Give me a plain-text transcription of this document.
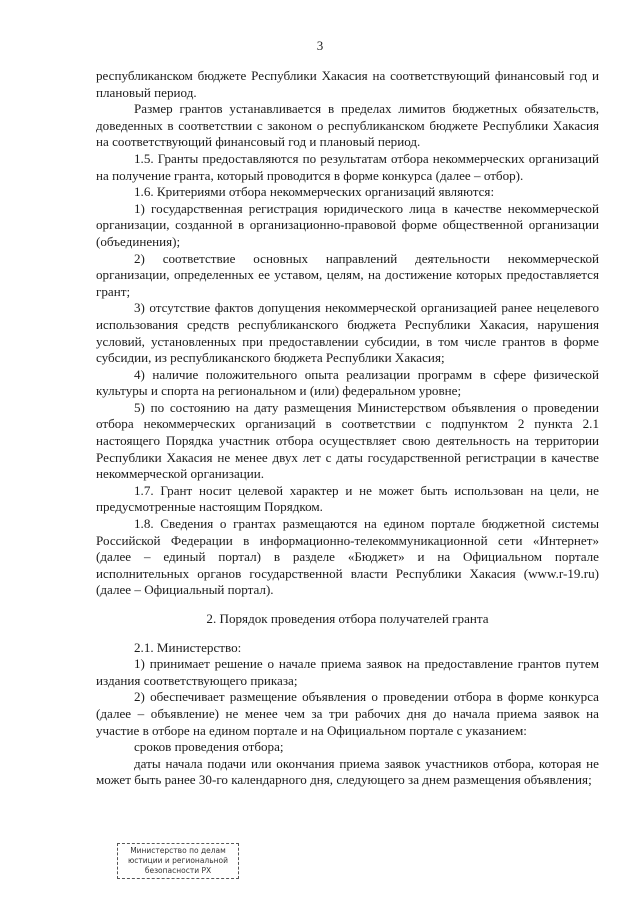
3

республиканском бюджете Республики Хакасия на соответствующий финансовый год и плановый период.

Размер грантов устанавливается в пределах лимитов бюджетных обязательств, доведенных в соответствии с законом о республиканском бюджете Республики Хакасия на соответствующий финансовый год и плановый период.

1.5. Гранты предоставляются по результатам отбора некоммерческих организаций на получение гранта, который проводится в форме конкурса (далее – отбор).

1.6. Критериями отбора некоммерческих организаций являются:

1) государственная регистрация юридического лица в качестве некоммерческой организации, созданной в организационно-правовой форме общественной организации (объединения);

2) соответствие основных направлений деятельности некоммерческой организации, определенных ее уставом, целям, на достижение которых предоставляется грант;

3) отсутствие фактов допущения некоммерческой организацией ранее нецелевого использования средств республиканского бюджета Республики Хакасия, нарушения условий, установленных при предоставлении субсидии, в том числе грантов в форме субсидии, из республиканского бюджета Республики Хакасия;

4) наличие положительного опыта реализации программ в сфере физической культуры и спорта на региональном и (или) федеральном уровне;

5) по состоянию на дату размещения Министерством объявления о проведении отбора некоммерческих организаций в соответствии с подпунктом 2 пункта 2.1 настоящего Порядка участник отбора осуществляет свою деятельность на территории Республики Хакасия не менее двух лет с даты государственной регистрации в качестве некоммерческой организации.

1.7. Грант носит целевой характер и не может быть использован на цели, не предусмотренные настоящим Порядком.

1.8. Сведения о грантах размещаются на едином портале бюджетной системы Российской Федерации в информационно-телекоммуникационной сети «Интернет» (далее – единый портал) в разделе «Бюджет» и на Официальном портале исполнительных органов государственной власти Республики Хакасия (www.r-19.ru) (далее – Официальный портал).

2. Порядок проведения отбора получателей гранта

2.1. Министерство:

1) принимает решение о начале приема заявок на предоставление грантов путем издания соответствующего приказа;

2) обеспечивает размещение объявления о проведении отбора в форме конкурса (далее – объявление) не менее чем за три рабочих дня до начала приема заявок на участие в отборе на едином портале и на Официальном портале с указанием:

сроков проведения отбора;

даты начала подачи или окончания приема заявок участников отбора, которая не может быть ранее 30-го календарного дня, следующего за днем размещения объявления;

Министерство по делам
юстиции и региональной
безопасности РХ
